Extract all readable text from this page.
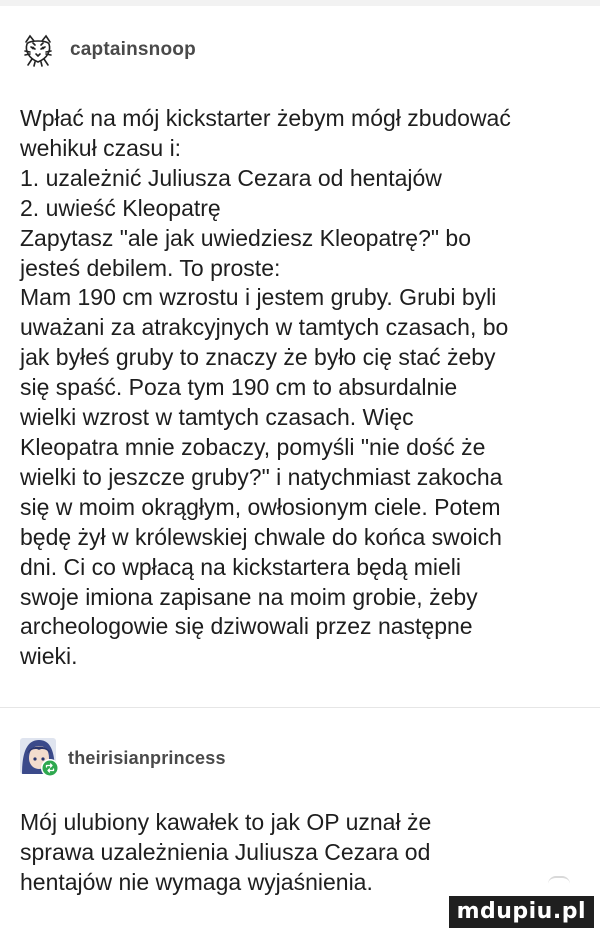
captainsnoop

Wpłać na mój kickstarter żebym mógł zbudować
wehikuł czasu i:
1. uzależnić Juliusza Cezara od hentajów
2. uwieść Kleopatrę
Zapytasz "ale jak uwiedziesz Kleopatrę?" bo
jesteś debilem. To proste:
Mam 190 cm wzrostu i jestem gruby. Grubi byli
uważani za atrakcyjnych w tamtych czasach, bo
jak byłeś gruby to znaczy że było cię stać żeby
się spaść. Poza tym 190 cm to absurdalnie
wielki wzrost w tamtych czasach. Więc
Kleopatra mnie zobaczy, pomyśli "nie dość że
wielki to jeszcze gruby?" i natychmiast zakocha
się w moim okrągłym, owłosionym ciele. Potem
będę żył w królewskiej chwale do końca swoich
dni. Ci co wpłacą na kickstartera będą mieli
swoje imiona zapisane na moim grobie, żeby
archeologowie się dziwowali przez następne
wieki.

theirisianprincess

Mój ulubiony kawałek to jak OP uznał że
sprawa uzależnienia Juliusza Cezara od
hentajów nie wymaga wyjaśnienia.

mdupiu.pl
